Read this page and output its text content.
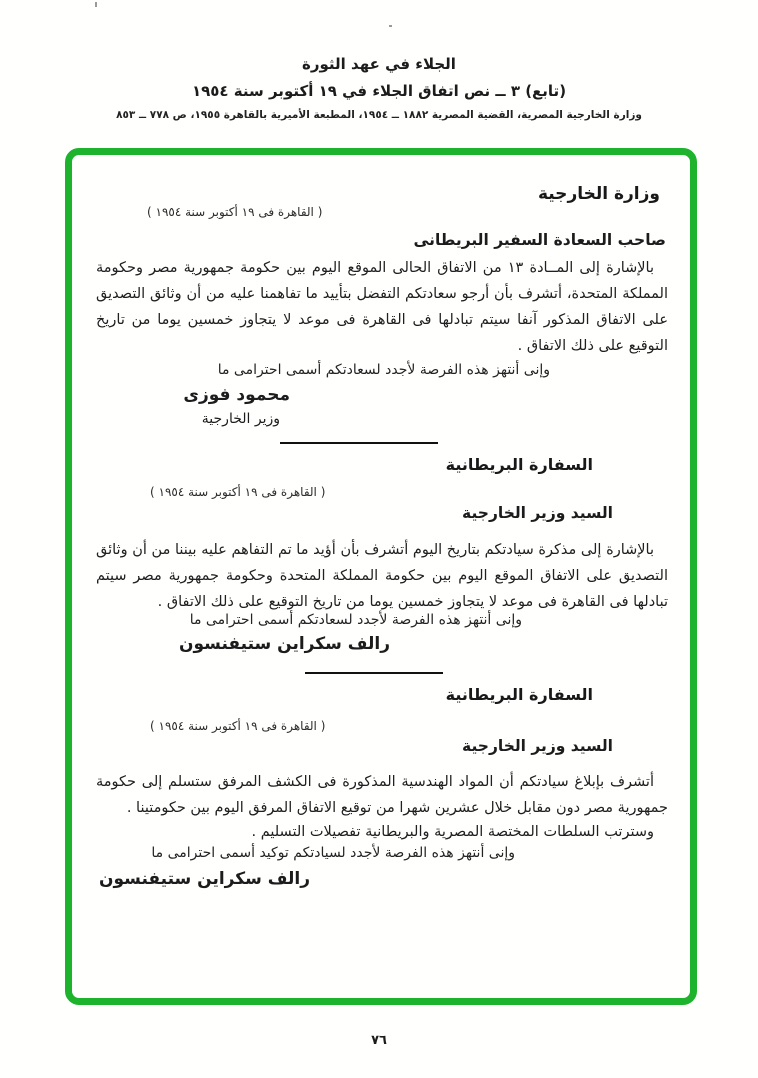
الجلاء في عهد الثورة
(تابع) ٣ ــ نص اتفاق الجلاء في ١٩ أكتوبر سنة ١٩٥٤
وزارة الخارجية المصرية، القضية المصرية ١٨٨٢ ــ ١٩٥٤، المطبعة الأميرية بالقاهرة ١٩٥٥، ص ٧٧٨ ــ ٨٥٣
وزارة الخارجية
( القاهرة فى ١٩ أكتوبر سنة ١٩٥٤ )
صاحب السعادة السفير البريطانى
بالإشارة إلى المــادة ١٣ من الاتفاق الحالى الموقع اليوم بين حكومة جمهورية مصر وحكومة المملكة المتحدة، أتشرف بأن أرجو سعادتكم التفضل بتأييد ما تفاهمنا عليه من أن وثائق التصديق على الاتفاق المذكور آنفا سيتم تبادلها فى القاهرة فى موعد لا يتجاوز خمسين يوما من تاريخ التوقيع على ذلك الاتفاق .
وإنى أنتهز هذه الفرصة لأجدد لسعادتكم أسمى احترامى ما
محمود فوزى
وزير الخارجية
السفارة البريطانية
( القاهرة فى ١٩ أكتوبر سنة ١٩٥٤ )
السيد وزير الخارجية
بالإشارة إلى مذكرة سيادتكم بتاريخ اليوم أتشرف بأن أؤيد ما تم التفاهم عليه بيننا من أن وثائق التصديق على الاتفاق الموقع اليوم بين حكومة المملكة المتحدة وحكومة جمهورية مصر سيتم تبادلها فى القاهرة فى موعد لا يتجاوز خمسين يوما من تاريخ التوقيع على ذلك الاتفاق .
وإنى أنتهز هذه الفرصة لأجدد لسعادتكم أسمى احترامى ما
رالف سكراين ستيفنسون
السفارة البريطانية
( القاهرة فى ١٩ أكتوبر سنة ١٩٥٤ )
السيد وزير الخارجية
أتشرف بإبلاغ سيادتكم أن المواد الهندسية المذكورة فى الكشف المرفق ستسلم إلى حكومة جمهورية مصر دون مقابل خلال عشرين شهرا من توقيع الاتفاق المرفق اليوم بين حكومتينا .
وسترتب السلطات المختصة المصرية والبريطانية تفصيلات التسليم .
وإنى أنتهز هذه الفرصة لأجدد لسيادتكم توكيد أسمى احترامى ما
رالف سكراين ستيفنسون
٧٦
